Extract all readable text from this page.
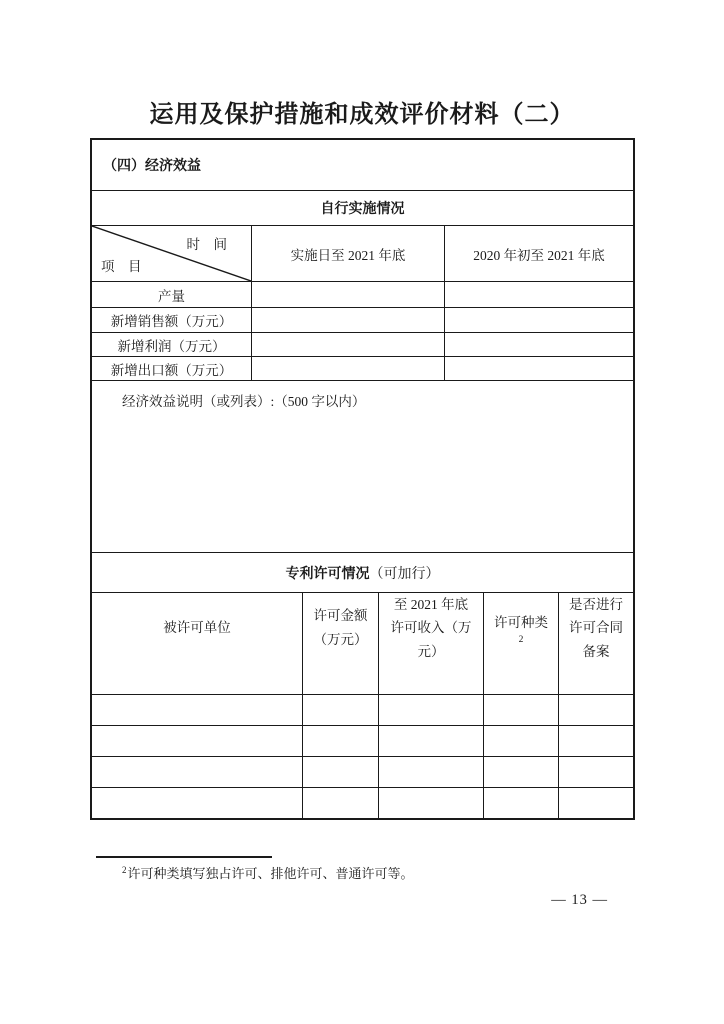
运用及保护措施和成效评价材料（二）
（四）经济效益
自行实施情况
时　间
项　目
实施日至 2021 年底	2020 年初至 2021 年底
产量
新增销售额（万元）
新增利润（万元）
新增出口额（万元）
经济效益说明（或列表）:（500 字以内）
专利许可情况（可加行）
被许可单位
许可金额（万元）
至 2021 年底许可收入（万元）
许可种类
2
是否进行许可合同备案
$^2$许可种类填写独占许可、排他许可、普通许可等。
— 13 —
